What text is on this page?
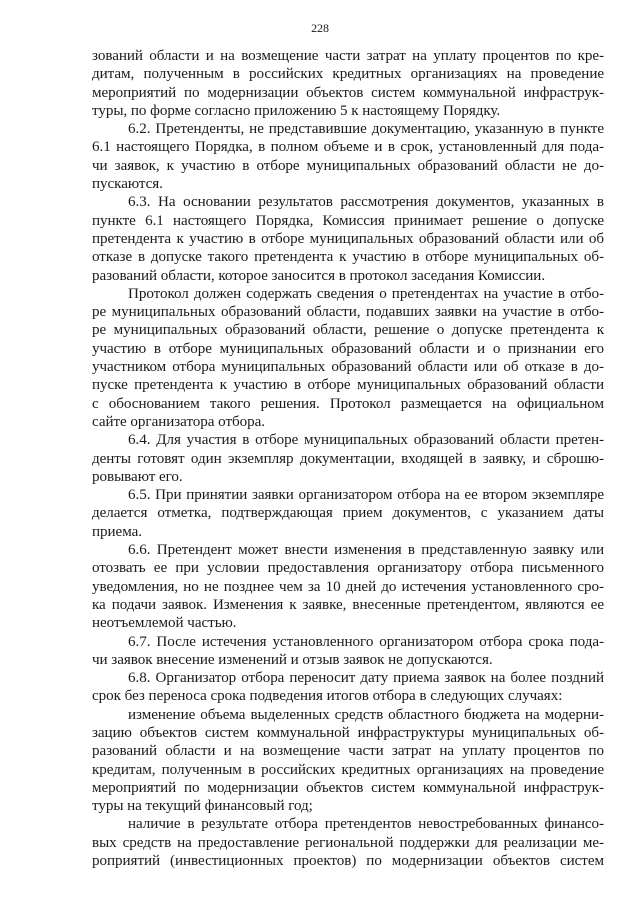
228
зований области и на возмещение части затрат на уплату процентов по кре-
дитам, полученным в российских кредитных организациях на проведение
мероприятий по модернизации объектов систем коммунальной инфраструк-
туры, по форме согласно приложению 5 к настоящему Порядку.
6.2. Претенденты, не представившие документацию, указанную в пункте
6.1 настоящего Порядка, в полном объеме и в срок, установленный для пода-
чи заявок, к участию в отборе муниципальных образований области не до-
пускаются.
6.3. На основании результатов рассмотрения документов, указанных в
пункте 6.1 настоящего Порядка, Комиссия принимает решение о допуске
претендента к участию в отборе муниципальных образований области или об
отказе в допуске такого претендента к участию в отборе муниципальных об-
разований области, которое заносится в протокол заседания Комиссии.
Протокол должен содержать сведения о претендентах на участие в отбо-
ре муниципальных образований области, подавших заявки на участие в отбо-
ре муниципальных образований области, решение о допуске претендента к
участию в отборе муниципальных образований области и о признании его
участником отбора муниципальных образований области или об отказе в до-
пуске претендента к участию в отборе муниципальных образований области
с обоснованием такого решения. Протокол размещается на официальном
сайте организатора отбора.
6.4. Для участия в отборе муниципальных образований области претен-
денты готовят один экземпляр документации, входящей в заявку, и сброшю-
ровывают его.
6.5. При принятии заявки организатором отбора на ее втором экземпляре
делается отметка, подтверждающая прием документов, с указанием даты
приема.
6.6. Претендент может внести изменения в представленную заявку или
отозвать ее при условии предоставления организатору отбора письменного
уведомления, но не позднее чем за 10 дней до истечения установленного сро-
ка подачи заявок. Изменения к заявке, внесенные претендентом, являются ее
неотъемлемой частью.
6.7. После истечения установленного организатором отбора срока пода-
чи заявок внесение изменений и отзыв заявок не допускаются.
6.8. Организатор отбора переносит дату приема заявок на более поздний
срок без переноса срока подведения итогов отбора в следующих случаях:
изменение объема выделенных средств областного бюджета на модерни-
зацию объектов систем коммунальной инфраструктуры муниципальных об-
разований области и на возмещение части затрат на уплату процентов по
кредитам, полученным в российских кредитных организациях на проведение
мероприятий по модернизации объектов систем коммунальной инфраструк-
туры на текущий финансовый год;
наличие в результате отбора претендентов невостребованных финансо-
вых средств на предоставление региональной поддержки для реализации ме-
роприятий (инвестиционных проектов) по модернизации объектов систем
